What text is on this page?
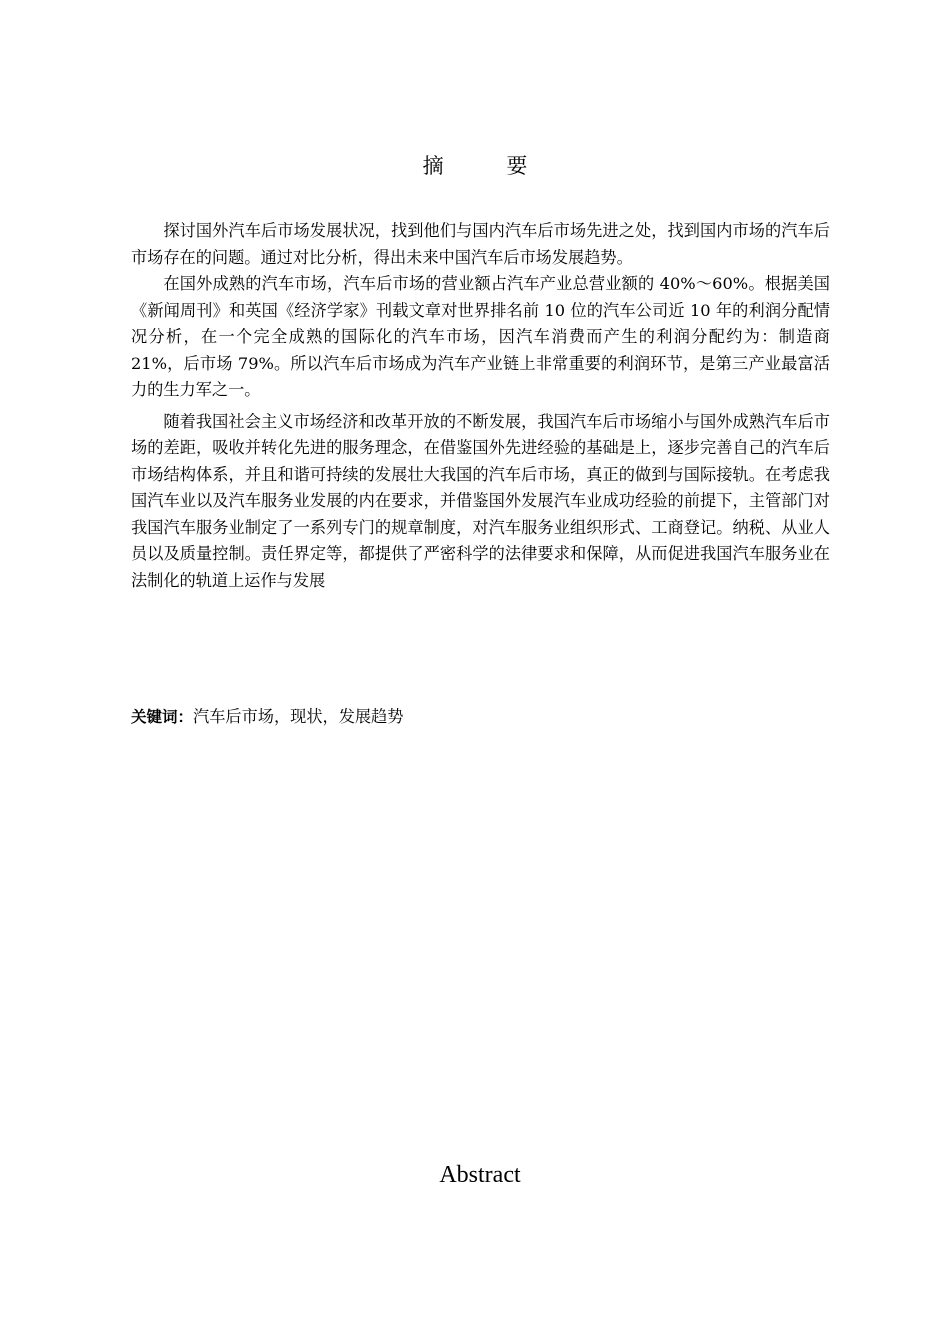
摘 要

探讨国外汽车后市场发展状况，找到他们与国内汽车后市场先进之处，找到国内市场的汽车后市场存在的问题。通过对比分析，得出未来中国汽车后市场发展趋势。

在国外成熟的汽车市场，汽车后市场的营业额占汽车产业总营业额的 40%～60%。根据美国《新闻周刊》和英国《经济学家》刊载文章对世界排名前 10 位的汽车公司近 10 年的利润分配情况分析，在一个完全成熟的国际化的汽车市场，因汽车消费而产生的利润分配约为：制造商 21%，后市场 79%。所以汽车后市场成为汽车产业链上非常重要的利润环节，是第三产业最富活力的生力军之一。

随着我国社会主义市场经济和改革开放的不断发展，我国汽车后市场缩小与国外成熟汽车后市场的差距，吸收并转化先进的服务理念，在借鉴国外先进经验的基础是上，逐步完善自己的汽车后市场结构体系，并且和谐可持续的发展壮大我国的汽车后市场，真正的做到与国际接轨。在考虑我国汽车业以及汽车服务业发展的内在要求，并借鉴国外发展汽车业成功经验的前提下，主管部门对我国汽车服务业制定了一系列专门的规章制度，对汽车服务业组织形式、工商登记。纳税、从业人员以及质量控制。责任界定等，都提供了严密科学的法律要求和保障，从而促进我国汽车服务业在法制化的轨道上运作与发展

关键词：汽车后市场，现状，发展趋势
Abstract
